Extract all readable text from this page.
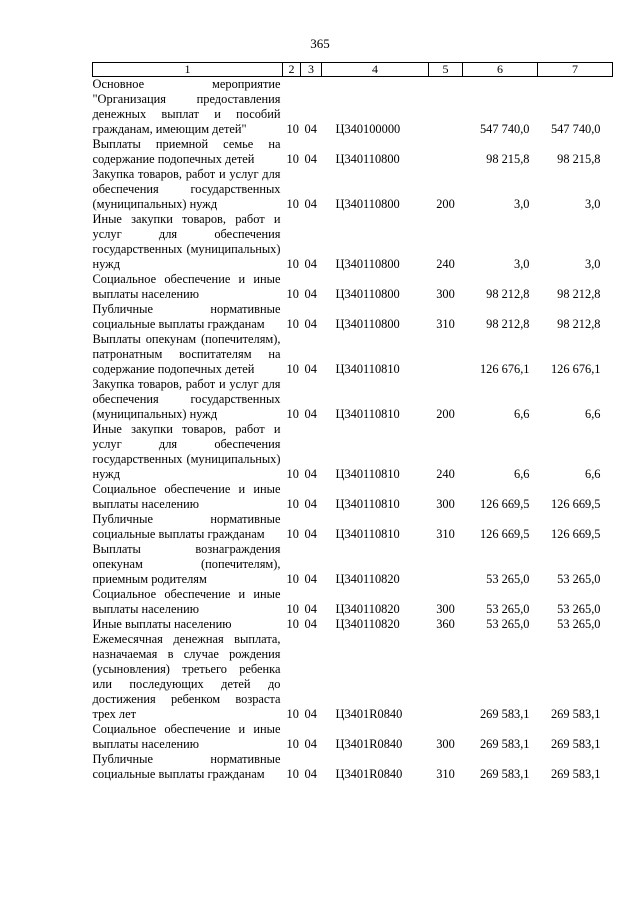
365
1	2	3	4	5	6	7
Основное мероприятие "Организация предоставления денежных выплат и пособий гражданам, имеющим детей"	10	04	Ц340100000		547 740,0	547 740,0
Выплаты приемной семье на содержание подопечных детей	10	04	Ц340110800		98 215,8	98 215,8
Закупка товаров, работ и услуг для обеспечения государственных (муниципальных) нужд	10	04	Ц340110800	200	3,0	3,0
Иные закупки товаров, работ и услуг для обеспечения государственных (муниципальных) нужд	10	04	Ц340110800	240	3,0	3,0
Социальное обеспечение и иные выплаты населению	10	04	Ц340110800	300	98 212,8	98 212,8
Публичные нормативные социальные выплаты гражданам	10	04	Ц340110800	310	98 212,8	98 212,8
Выплаты опекунам (попечителям), патронатным воспитателям на содержание подопечных детей	10	04	Ц340110810		126 676,1	126 676,1
Закупка товаров, работ и услуг для обеспечения государственных (муниципальных) нужд	10	04	Ц340110810	200	6,6	6,6
Иные закупки товаров, работ и услуг для обеспечения государственных (муниципальных) нужд	10	04	Ц340110810	240	6,6	6,6
Социальное обеспечение и иные выплаты населению	10	04	Ц340110810	300	126 669,5	126 669,5
Публичные нормативные социальные выплаты гражданам	10	04	Ц340110810	310	126 669,5	126 669,5
Выплаты вознаграждения опекунам (попечителям), приемным родителям	10	04	Ц340110820		53 265,0	53 265,0
Социальное обеспечение и иные выплаты населению	10	04	Ц340110820	300	53 265,0	53 265,0
Иные выплаты населению	10	04	Ц340110820	360	53 265,0	53 265,0
Ежемесячная денежная выплата, назначаемая в случае рождения (усыновления) третьего ребенка или последующих детей до достижения ребенком возраста трех лет	10	04	Ц3401R0840		269 583,1	269 583,1
Социальное обеспечение и иные выплаты населению	10	04	Ц3401R0840	300	269 583,1	269 583,1
Публичные нормативные социальные выплаты гражданам	10	04	Ц3401R0840	310	269 583,1	269 583,1
